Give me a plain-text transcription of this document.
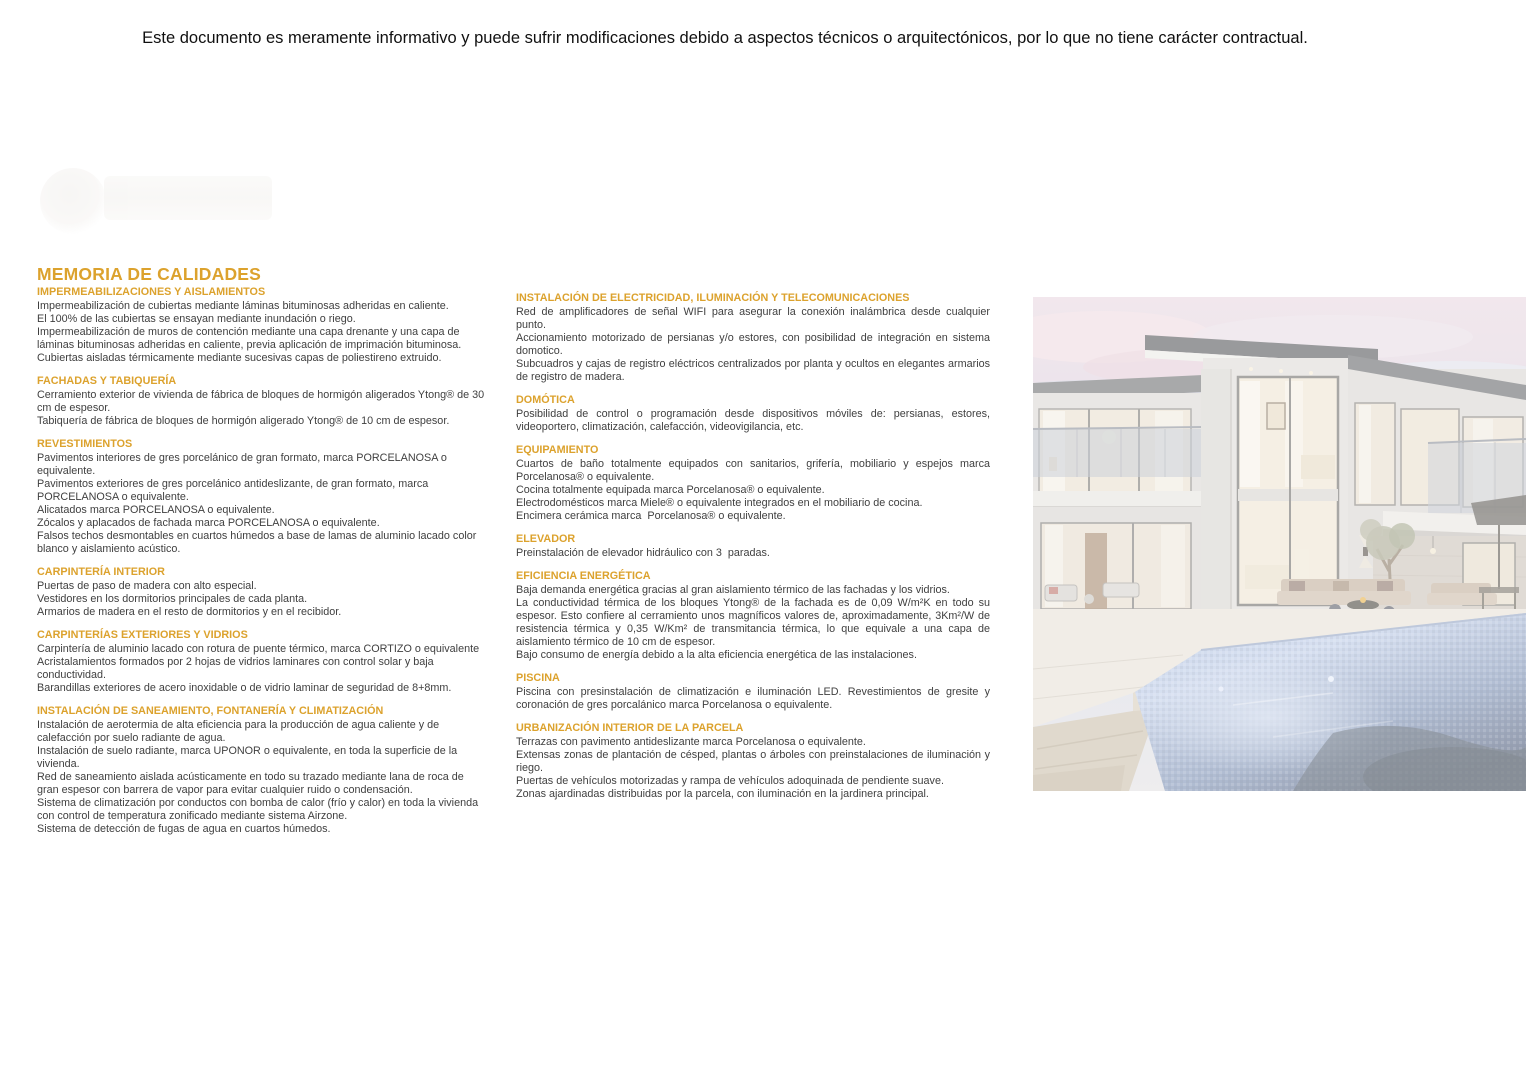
Este documento es meramente informativo y puede sufrir modificaciones debido a aspectos técnicos o arquitectónicos, por lo que no tiene carácter contractual.
MEMORIA DE CALIDADES
IMPERMEABILIZACIONES Y AISLAMIENTOS

Impermeabilización de cubiertas mediante láminas bituminosas adheridas en caliente.

El 100% de las cubiertas se ensayan mediante inundación o riego.

Impermeabilización de muros de contención mediante una capa drenante y una capa de láminas bituminosas adheridas en caliente, previa aplicación de imprimación bituminosa.

Cubiertas aisladas térmicamente mediante sucesivas capas de poliestireno extruido.

FACHADAS Y TABIQUERÍA

Cerramiento exterior de vivienda de fábrica de bloques de hormigón aligerados Ytong® de 30 cm de espesor.

Tabiquería de fábrica de bloques de hormigón aligerado Ytong® de 10 cm de espesor.

REVESTIMIENTOS

Pavimentos interiores de gres porcelánico de gran formato, marca PORCELANOSA o equivalente.

Pavimentos exteriores de gres porcelánico antideslizante, de gran formato, marca PORCELANOSA o equivalente.

Alicatados marca PORCELANOSA o equivalente.

Zócalos y aplacados de fachada marca PORCELANOSA o equivalente.

Falsos techos desmontables en cuartos húmedos a base de lamas de aluminio lacado color blanco y aislamiento acústico.

CARPINTERÍA INTERIOR

Puertas de paso de madera con alto especial.

Vestidores en los dormitorios principales de cada planta.

Armarios de madera en el resto de dormitorios y en el recibidor.

CARPINTERÍAS EXTERIORES Y VIDRIOS

Carpintería de aluminio lacado con rotura de puente térmico, marca CORTIZO o equivalente

Acristalamientos formados por 2 hojas de vidrios laminares con control solar y baja conductividad.

Barandillas exteriores de acero inoxidable o de vidrio laminar de seguridad de 8+8mm.

INSTALACIÓN DE SANEAMIENTO, FONTANERÍA Y CLIMATIZACIÓN

Instalación de aerotermia de alta eficiencia para la producción de agua caliente y de calefacción por suelo radiante de agua.

Instalación de suelo radiante, marca UPONOR o equivalente, en toda la superficie de la vivienda.

Red de saneamiento aislada acústicamente en todo su trazado mediante lana de roca de gran espesor con barrera de vapor para evitar cualquier ruido o condensación.

Sistema de climatización por conductos con bomba de calor (frío y calor) en toda la vivienda con control de temperatura zonificado mediante sistema Airzone.

Sistema de detección de fugas de agua en cuartos húmedos.

INSTALACIÓN DE ELECTRICIDAD, ILUMINACIÓN Y TELECOMUNICACIONES

Red de amplificadores de señal WIFI para asegurar la conexión inalámbrica desde cualquier punto.

Accionamiento motorizado de persianas y/o estores, con posibilidad de integración en sistema domotico.

Subcuadros y cajas de registro eléctricos centralizados por planta y ocultos en elegantes armarios de registro de madera.

DOMÓTICA

Posibilidad de control o programación desde dispositivos móviles de: persianas, estores, videoportero, climatización, calefacción, videovigilancia, etc.

EQUIPAMIENTO

Cuartos de baño totalmente equipados con sanitarios, grifería, mobiliario y espejos marca Porcelanosa® o equivalente.

Cocina totalmente equipada marca Porcelanosa® o equivalente.

Electrodomésticos marca Miele® o equivalente integrados en el mobiliario de cocina.

Encimera cerámica marca  Porcelanosa® o equivalente.

ELEVADOR

Preinstalación de elevador hidráulico con 3  paradas.

EFICIENCIA ENERGÉTICA

Baja demanda energética gracias al gran aislamiento térmico de las fachadas y los vidrios.

La conductividad térmica de los bloques Ytong® de la fachada es de 0,09 W/m²K en todo su espesor. Esto confiere al cerramiento unos magníficos valores de, aproximadamente, 3Km²/W de resistencia térmica y 0,35 W/Km² de transmitancia térmica, lo que equivale a una capa de aislamiento térmico de 10 cm de espesor.

Bajo consumo de energía debido a la alta eficiencia energética de las instalaciones.

PISCINA

Piscina con presinstalación de climatización e iluminación LED. Revestimientos de gresite y coronación de gres porcalánico marca Porcelanosa o equivalente.

URBANIZACIÓN INTERIOR DE LA PARCELA

Terrazas con pavimento antideslizante marca Porcelanosa o equivalente.

Extensas zonas de plantación de césped, plantas o árboles con preinstalaciones de iluminación y riego.

Puertas de vehículos motorizadas y rampa de vehículos adoquinada de pendiente suave.

Zonas ajardinadas distribuidas por la parcela, con iluminación en la jardinera principal.
